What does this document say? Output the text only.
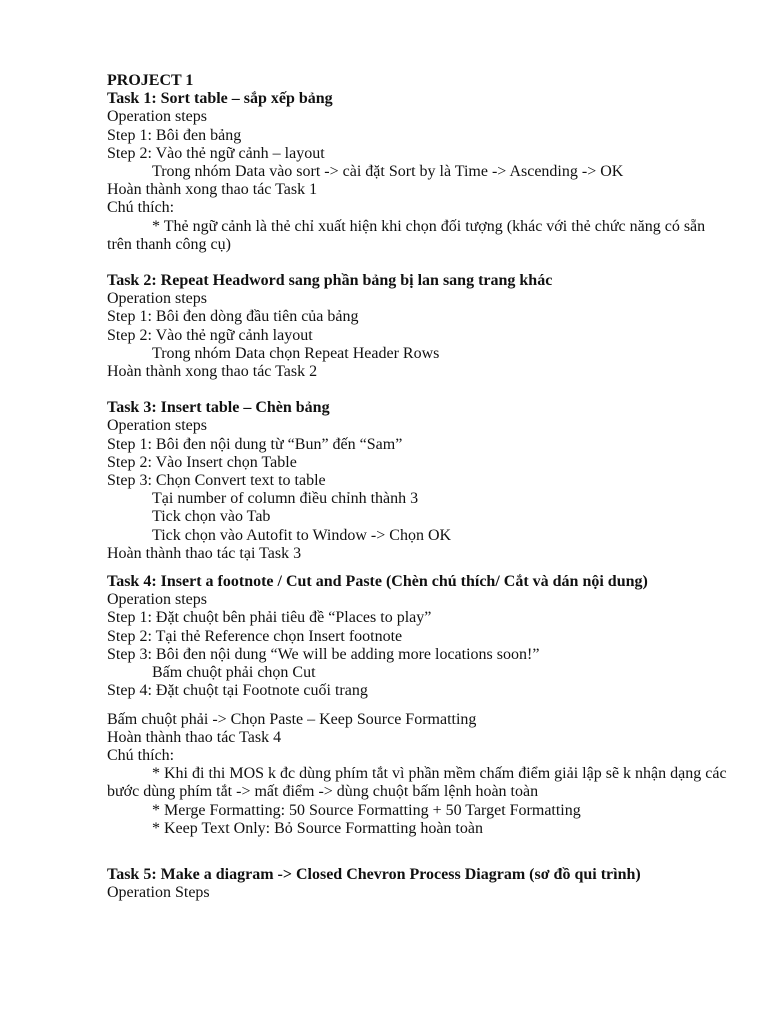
PROJECT 1
Task 1: Sort table – sắp xếp bảng
Operation steps
Step 1: Bôi đen bảng
Step 2: Vào thẻ ngữ cảnh – layout
Trong nhóm Data vào sort -> cài đặt Sort by là Time -> Ascending -> OK
Hoàn thành xong thao tác Task 1
Chú thích:
* Thẻ ngữ cảnh là thẻ chỉ xuất hiện khi chọn đối tượng (khác với thẻ chức năng có sẵn trên thanh công cụ)
Task 2: Repeat Headword sang phần bảng bị lan sang trang khác
Operation steps
Step 1: Bôi đen dòng đầu tiên của bảng
Step 2: Vào thẻ ngữ cảnh layout
Trong nhóm Data chọn Repeat Header Rows
Hoàn thành xong thao tác Task 2
Task 3: Insert table – Chèn bảng
Operation steps
Step 1: Bôi đen nội dung từ “Bun” đến “Sam”
Step 2: Vào Insert chọn Table
Step 3: Chọn Convert text to table
Tại number of column điều chỉnh thành 3
Tick chọn vào Tab
Tick chọn vào Autofit to Window -> Chọn OK
Hoàn thành thao tác tại Task 3
Task 4: Insert a footnote / Cut and Paste (Chèn chú thích/ Cắt và dán nội dung)
Operation steps
Step 1: Đặt chuột bên phải tiêu đề “Places to play”
Step 2: Tại thẻ Reference chọn Insert footnote
Step 3: Bôi đen nội dung “We will be adding more locations soon!”
Bấm chuột phải chọn Cut
Step 4: Đặt chuột tại Footnote cuối trang
Bấm chuột phải -> Chọn Paste – Keep Source Formatting
Hoàn thành thao tác Task 4
Chú thích:
* Khi đi thi MOS k đc dùng phím tắt vì phần mềm chấm điểm giải lập sẽ k nhận dạng các bước dùng phím tắt -> mất điểm -> dùng chuột bấm lệnh hoàn toàn
* Merge Formatting: 50 Source Formatting + 50 Target Formatting
* Keep Text Only: Bỏ Source Formatting hoàn toàn
Task 5: Make a diagram -> Closed Chevron Process Diagram (sơ đồ qui trình)
Operation Steps
